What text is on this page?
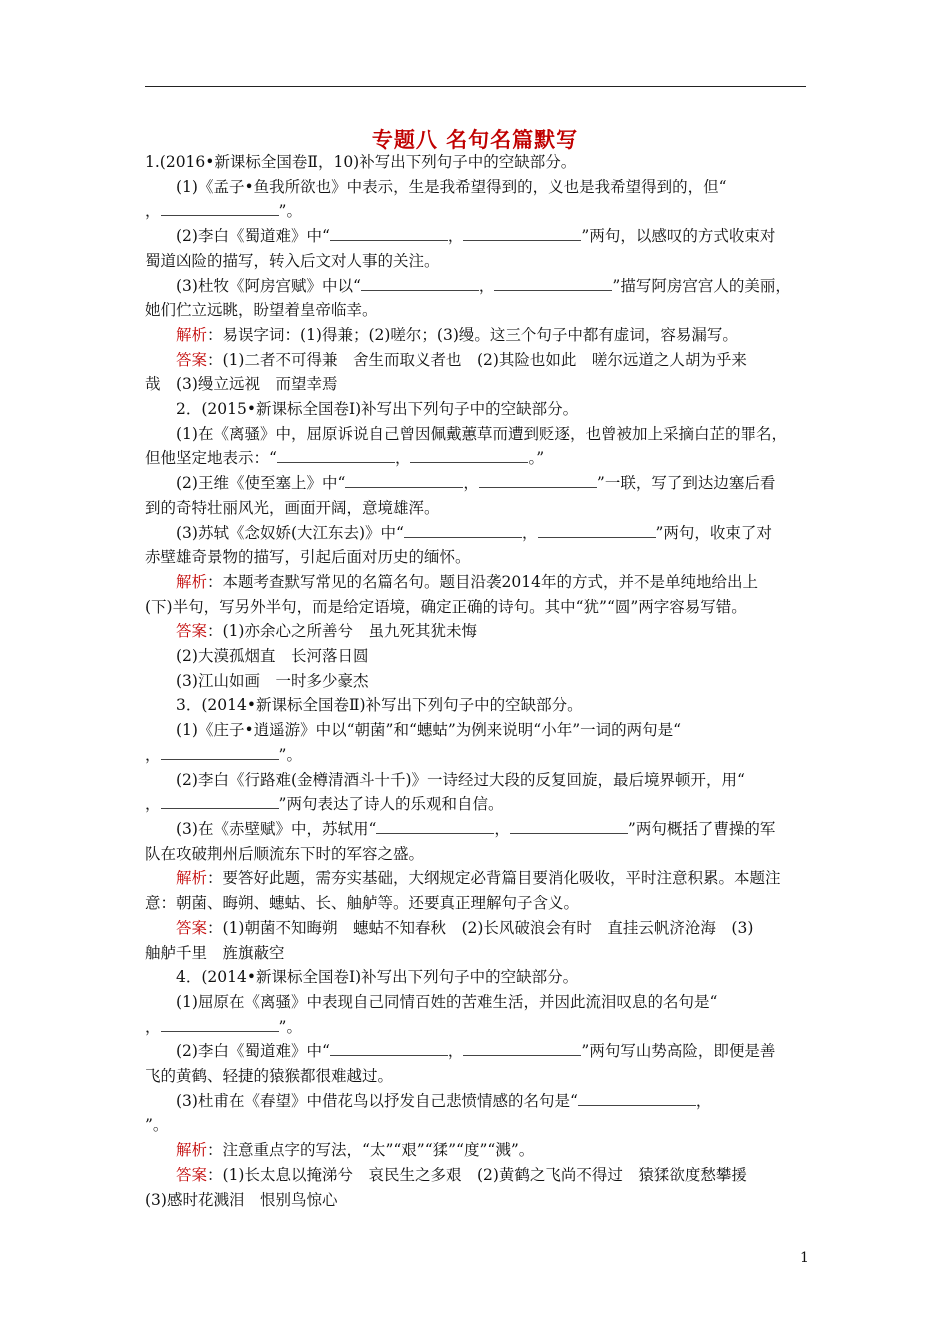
专题八 名句名篇默写

1.(2016•新课标全国卷Ⅱ，10)补写出下列句子中的空缺部分。

(1)《孟子•鱼我所欲也》中表示，生是我希望得到的，义也是我希望得到的，但“

，	”。

(2)李白《蜀道难》中“	，	”两句，以感叹的方式收束对

蜀道凶险的描写，转入后文对人事的关注。

(3)杜牧《阿房宫赋》中以“	，	”描写阿房宫宫人的美丽，

她们伫立远眺，盼望着皇帝临幸。

解析：易误字词：(1)得兼；(2)嗟尔；(3)缦。这三个句子中都有虚词，容易漏写。

答案：(1)二者不可得兼　舍生而取义者也　(2)其险也如此　嗟尔远道之人胡为乎来

哉　(3)缦立远视　而望幸焉

2．(2015•新课标全国卷Ⅰ)补写出下列句子中的空缺部分。

(1)在《离骚》中，屈原诉说自己曾因佩戴蕙草而遭到贬逐，也曾被加上采摘白芷的罪名，

但他坚定地表示：“	，	。”

(2)王维《使至塞上》中“	，	”一联，写了到达边塞后看

到的奇特壮丽风光，画面开阔，意境雄浑。

(3)苏轼《念奴娇(大江东去)》中“	，	”两句，收束了对

赤壁雄奇景物的描写，引起后面对历史的缅怀。

解析：本题考查默写常见的名篇名句。题目沿袭2014年的方式，并不是单纯地给出上

(下)半句，写另外半句，而是给定语境，确定正确的诗句。其中“犹”“圆”两字容易写错。

答案：(1)亦余心之所善兮　虽九死其犹未悔

(2)大漠孤烟直　长河落日圆

(3)江山如画　一时多少豪杰

3．(2014•新课标全国卷Ⅱ)补写出下列句子中的空缺部分。

(1)《庄子•逍遥游》中以“朝菌”和“蟪蛄”为例来说明“小年”一词的两句是“

，	”。

(2)李白《行路难(金樽清酒斗十千)》一诗经过大段的反复回旋，最后境界顿开，用“

，	”两句表达了诗人的乐观和自信。

(3)在《赤壁赋》中，苏轼用“	，	”两句概括了曹操的军

队在攻破荆州后顺流东下时的军容之盛。

解析：要答好此题，需夯实基础，大纲规定必背篇目要消化吸收，平时注意积累。本题注

意：朝菌、晦朔、蟪蛄、长、舳舻等。还要真正理解句子含义。

答案：(1)朝菌不知晦朔　蟪蛄不知春秋　(2)长风破浪会有时　直挂云帆济沧海　(3)

舳舻千里　旌旗蔽空

4．(2014•新课标全国卷Ⅰ)补写出下列句子中的空缺部分。

(1)屈原在《离骚》中表现自己同情百姓的苦难生活，并因此流泪叹息的名句是“

，	”。

(2)李白《蜀道难》中“	，	”两句写山势高险，即便是善

飞的黄鹤、轻捷的猿猴都很难越过。

(3)杜甫在《春望》中借花鸟以抒发自己悲愤情感的名句是“	，

”。

解析：注意重点字的写法，“太”“艰”“猱”“度”“溅”。

答案：(1)长太息以掩涕兮　哀民生之多艰　(2)黄鹤之飞尚不得过　猿猱欲度愁攀援

(3)感时花溅泪　恨别鸟惊心

1
